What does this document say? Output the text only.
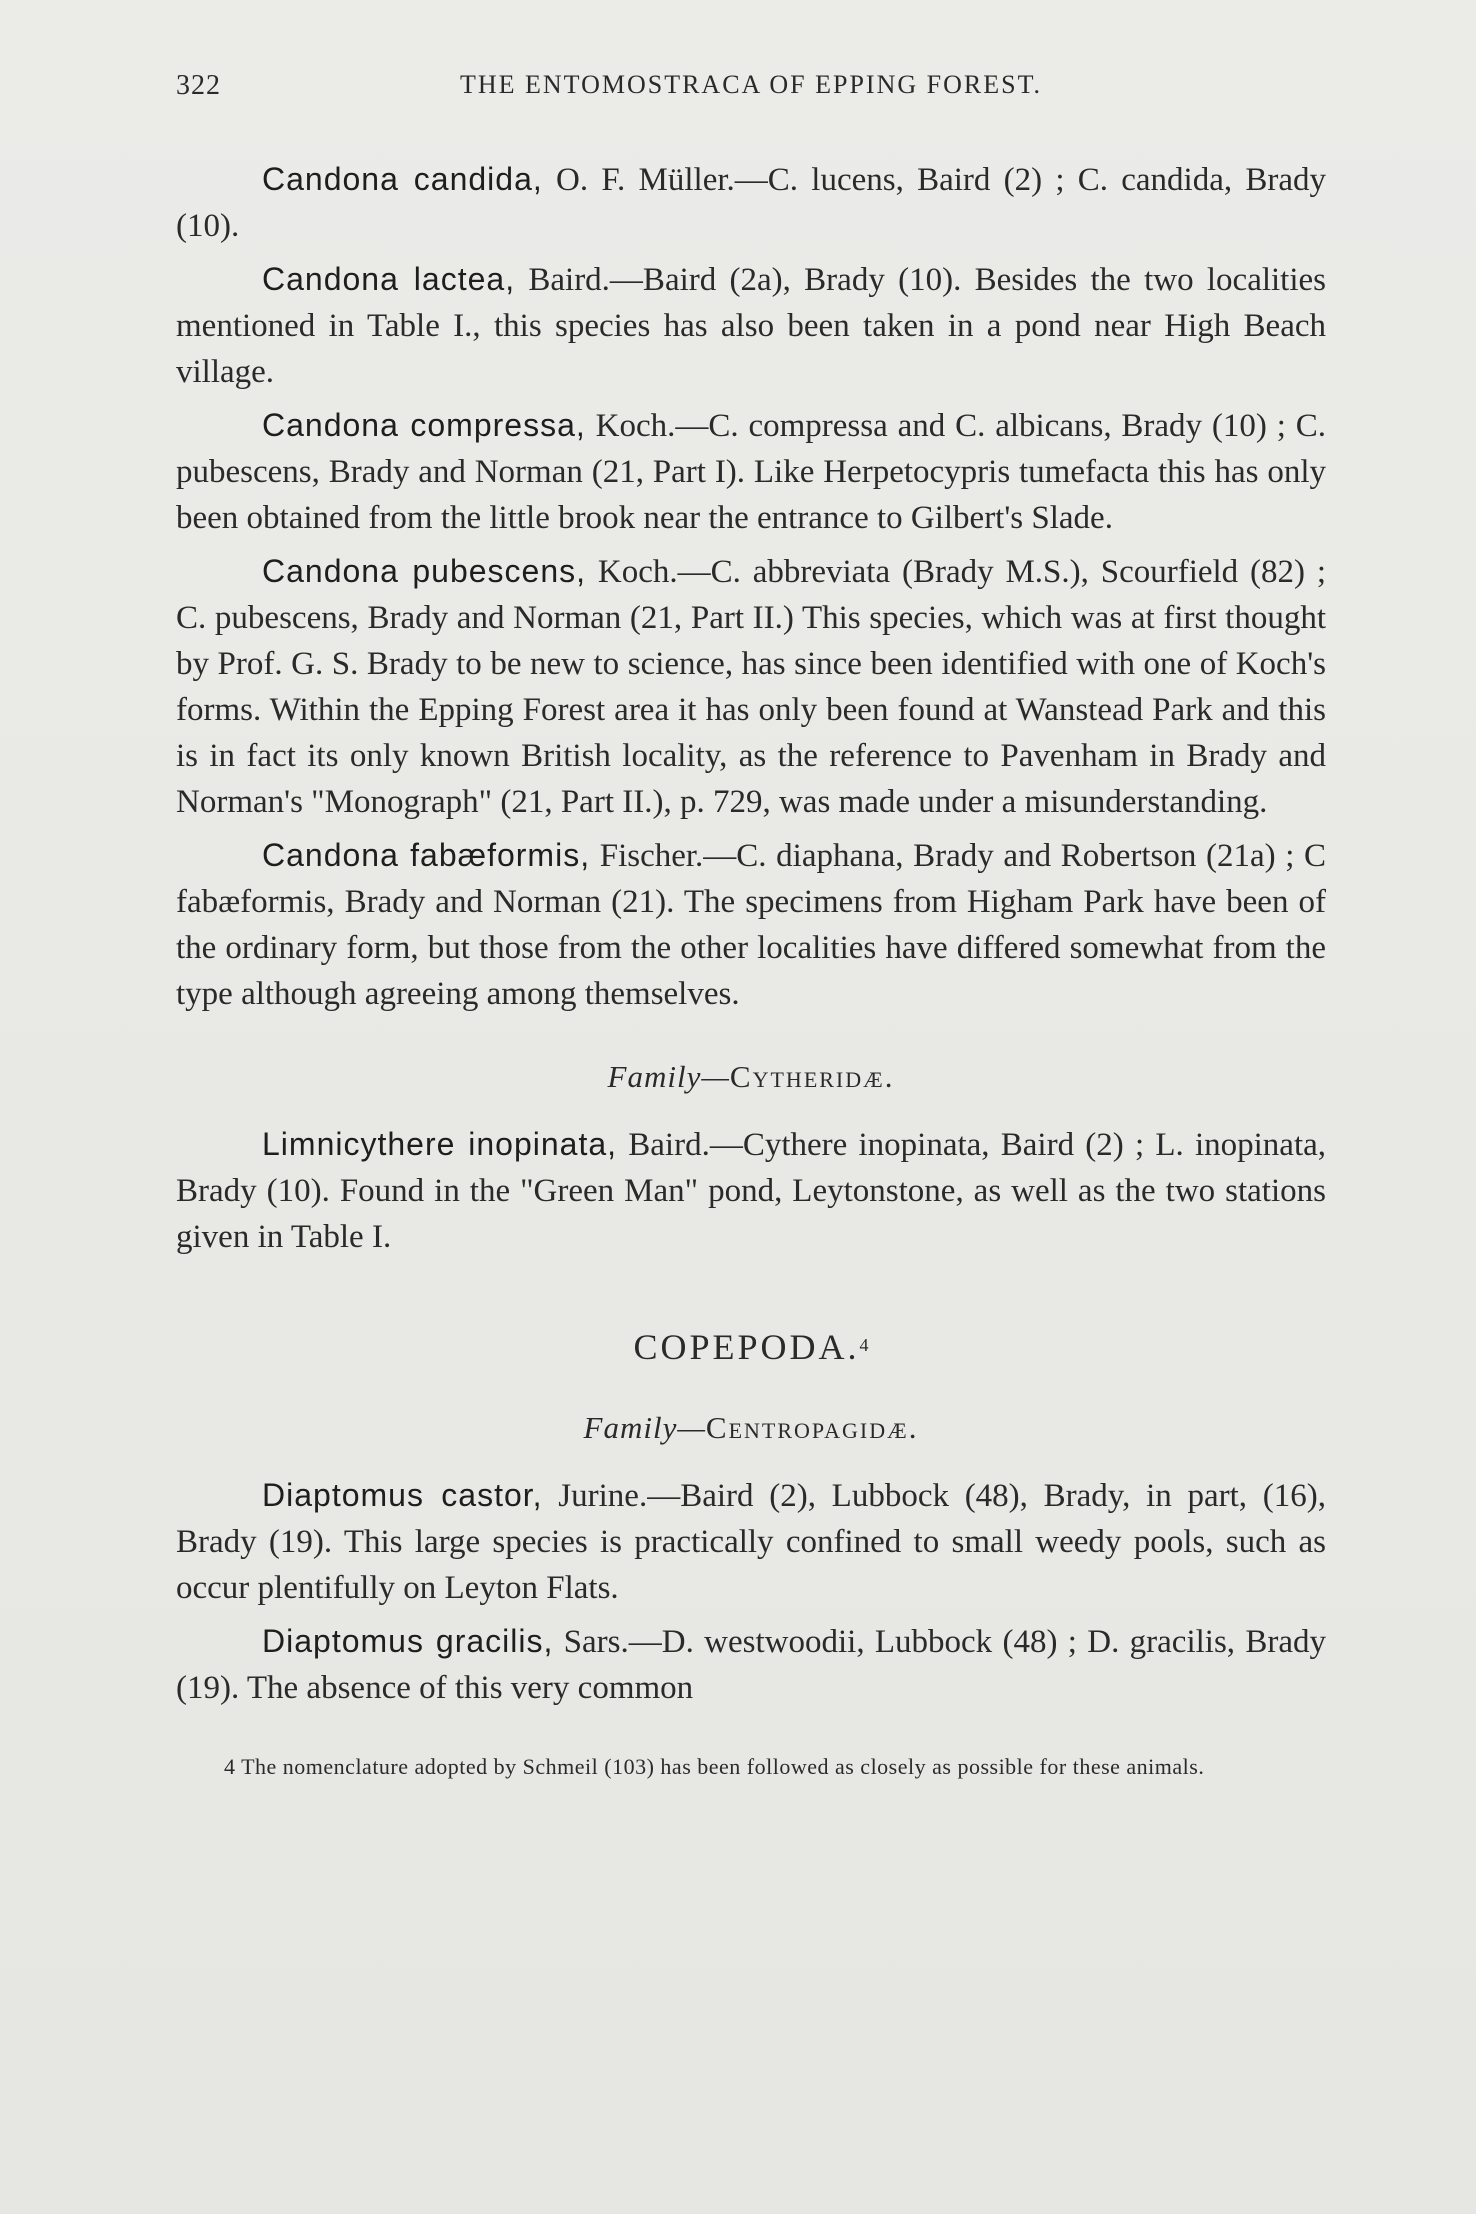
322	THE ENTOMOSTRACA OF EPPING FOREST.

Candona candida, O. F. Müller.—C. lucens, Baird (2) ; C. candida, Brady (10).

Candona lactea, Baird.—Baird (2a), Brady (10). Besides the two localities mentioned in Table I., this species has also been taken in a pond near High Beach village.

Candona compressa, Koch.—C. compressa and C. albicans, Brady (10) ; C. pubescens, Brady and Norman (21, Part I). Like Herpetocypris tumefacta this has only been obtained from the little brook near the entrance to Gilbert's Slade.

Candona pubescens, Koch.—C. abbreviata (Brady M.S.), Scourfield (82) ; C. pubescens, Brady and Norman (21, Part II.) This species, which was at first thought by Prof. G. S. Brady to be new to science, has since been identified with one of Koch's forms. Within the Epping Forest area it has only been found at Wanstead Park and this is in fact its only known British locality, as the reference to Pavenham in Brady and Norman's "Monograph" (21, Part II.), p. 729, was made under a misunderstanding.

Candona fabæformis, Fischer.—C. diaphana, Brady and Robertson (21a) ; C fabæformis, Brady and Norman (21). The specimens from Higham Park have been of the ordinary form, but those from the other localities have differed somewhat from the type although agreeing among themselves.

Family—Cytheridæ.

Limnicythere inopinata, Baird.—Cythere inopinata, Baird (2) ; L. inopinata, Brady (10). Found in the "Green Man" pond, Leytonstone, as well as the two stations given in Table I.

COPEPODA.$^4$
Family—Centropagidæ.

Diaptomus castor, Jurine.—Baird (2), Lubbock (48), Brady, in part, (16), Brady (19). This large species is practically confined to small weedy pools, such as occur plentifully on Leyton Flats.

Diaptomus gracilis, Sars.—D. westwoodii, Lubbock (48) ; D. gracilis, Brady (19). The absence of this very common

4 The nomenclature adopted by Schmeil (103) has been followed as closely as possible for these animals.
